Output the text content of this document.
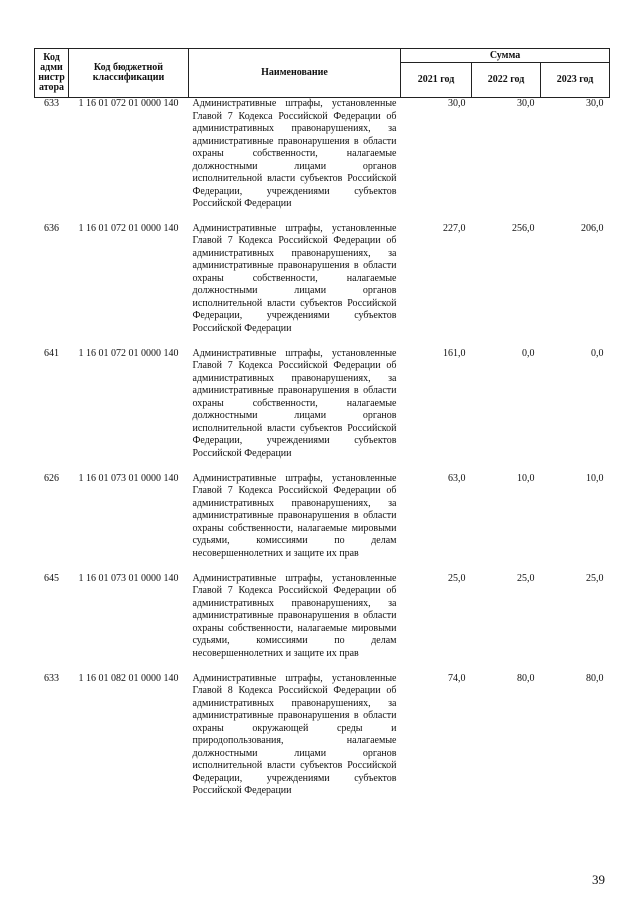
Код адми нистр атора	Код бюджетной классификации	Наименование	Сумма		
			2021 год	2022 год	2023 год
633	1 16 01 072 01 0000 140	Административные штрафы, установленные Главой 7 Кодекса Российской Федерации об административных правонарушениях, за административные правонарушения в области охраны собственности, налагаемые должностными лицами органов исполнительной власти субъектов Российской Федерации, учреждениями субъектов Российской Федерации	30,0	30,0	30,0
636	1 16 01 072 01 0000 140	Административные штрафы, установленные Главой 7 Кодекса Российской Федерации об административных правонарушениях, за административные правонарушения в области охраны собственности, налагаемые должностными лицами органов исполнительной власти субъектов Российской Федерации, учреждениями субъектов Российской Федерации	227,0	256,0	206,0
641	1 16 01 072 01 0000 140	Административные штрафы, установленные Главой 7 Кодекса Российской Федерации об административных правонарушениях, за административные правонарушения в области охраны собственности, налагаемые должностными лицами органов исполнительной власти субъектов Российской Федерации, учреждениями субъектов Российской Федерации	161,0	0,0	0,0
626	1 16 01 073 01 0000 140	Административные штрафы, установленные Главой 7 Кодекса Российской Федерации об административных правонарушениях, за административные правонарушения в области охраны собственности, налагаемые мировыми судьями, комиссиями по делам несовершеннолетних и защите их прав	63,0	10,0	10,0
645	1 16 01 073 01 0000 140	Административные штрафы, установленные Главой 7 Кодекса Российской Федерации об административных правонарушениях, за административные правонарушения в области охраны собственности, налагаемые мировыми судьями, комиссиями по делам несовершеннолетних и защите их прав	25,0	25,0	25,0
633	1 16 01 082 01 0000 140	Административные штрафы, установленные Главой 8 Кодекса Российской Федерации об административных правонарушениях, за административные правонарушения в области охраны окружающей среды и природопользования, налагаемые должностными лицами органов исполнительной власти субъектов Российской Федерации, учреждениями субъектов Российской Федерации	74,0	80,0	80,0
39
